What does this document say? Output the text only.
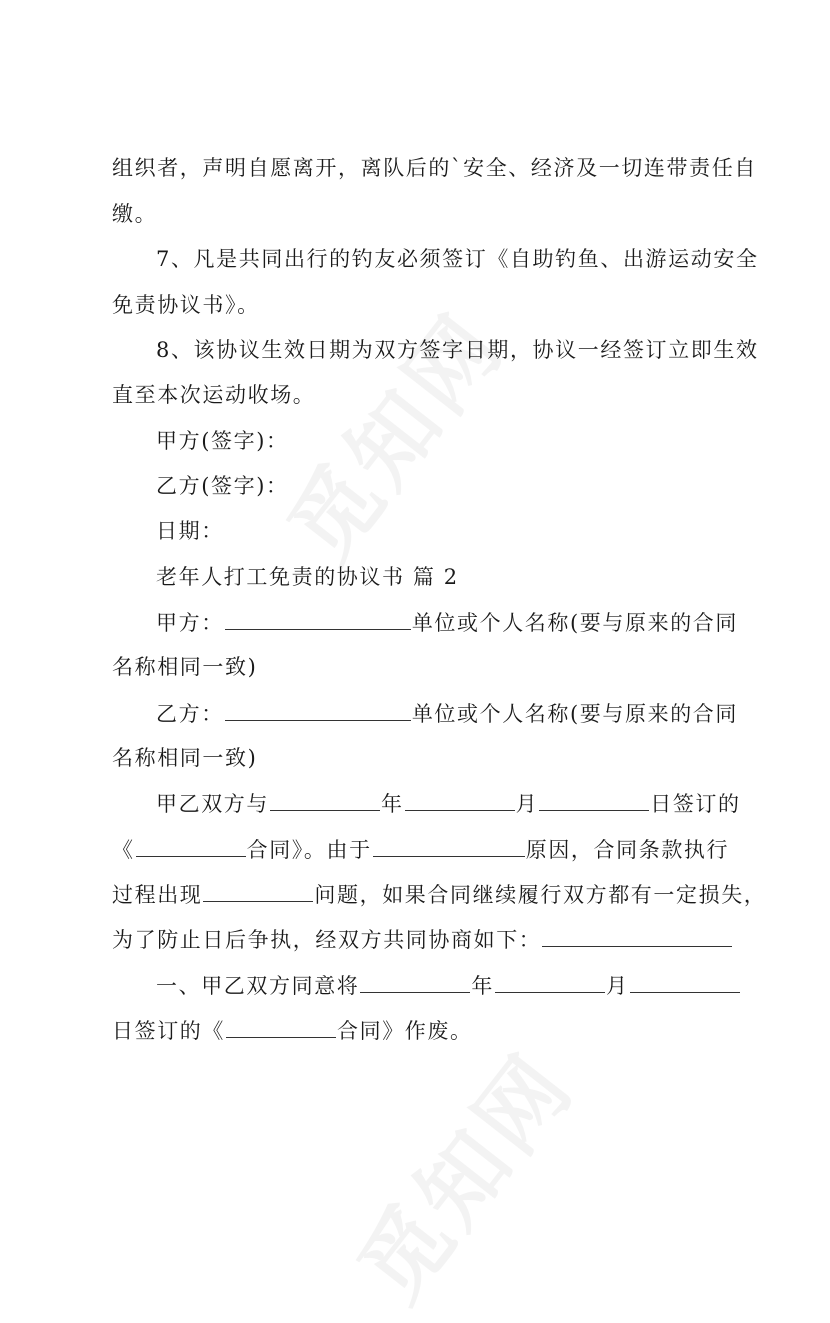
组织者，声明自愿离开，离队后的`安全、经济及一切连带责任自
缴。
7、凡是共同出行的钓友必须签订《自助钓鱼、出游运动安全
免责协议书》。
8、该协议生效日期为双方签字日期，协议一经签订立即生效
直至本次运动收场。
甲方(签字)：
乙方(签字)：
日期：
老年人打工免责的协议书 篇 2
甲方：	单位或个人名称(要与原来的合同
名称相同一致)
乙方：	单位或个人名称(要与原来的合同
名称相同一致)
甲乙双方与	年	月	日签订的
《	合同》。由于	原因，合同条款执行
过程出现	问题，如果合同继续履行双方都有一定损失，
为了防止日后争执，经双方共同协商如下：
一、甲乙双方同意将	年	月
日签订的《	合同》作废。
